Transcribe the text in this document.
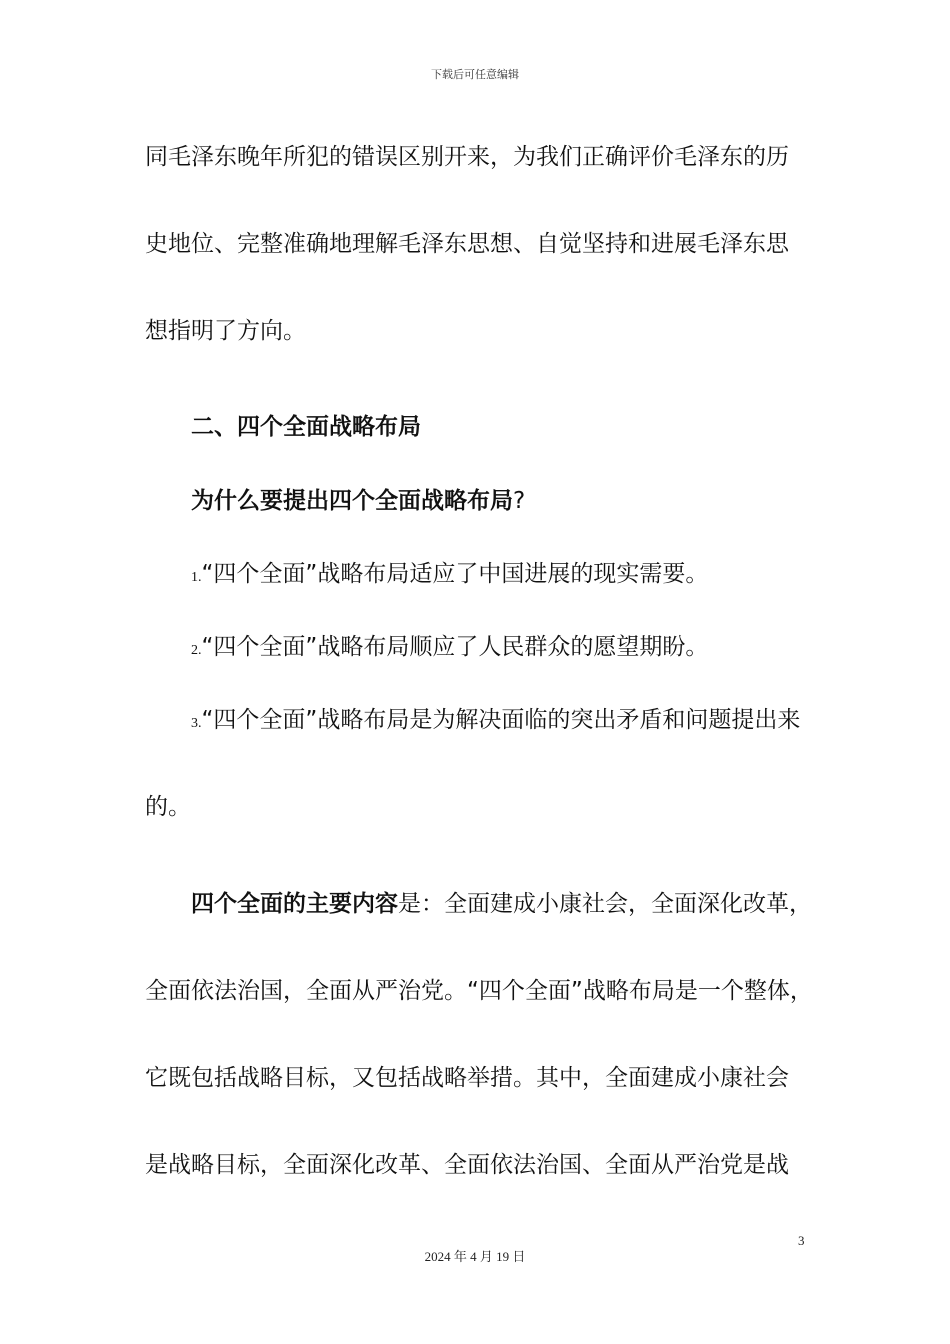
下载后可任意编辑
同毛泽东晚年所犯的错误区别开来，为我们正确评价毛泽东的历
史地位、完整准确地理解毛泽东思想、自觉坚持和进展毛泽东思
想指明了方向。
二、四个全面战略布局
为什么要提出四个全面战略布局?
1.“四个全面”战略布局适应了中国进展的现实需要。
2.“四个全面”战略布局顺应了人民群众的愿望期盼。
3.“四个全面”战略布局是为解决面临的突出矛盾和问题提出来
的。
四个全面的主要内容是：全面建成小康社会，全面深化改革，
全面依法治国，全面从严治党。“四个全面”战略布局是一个整体，
它既包括战略目标，又包括战略举措。其中，全面建成小康社会
是战略目标，全面深化改革、全面依法治国、全面从严治党是战
3
2024 年 4 月 19 日
